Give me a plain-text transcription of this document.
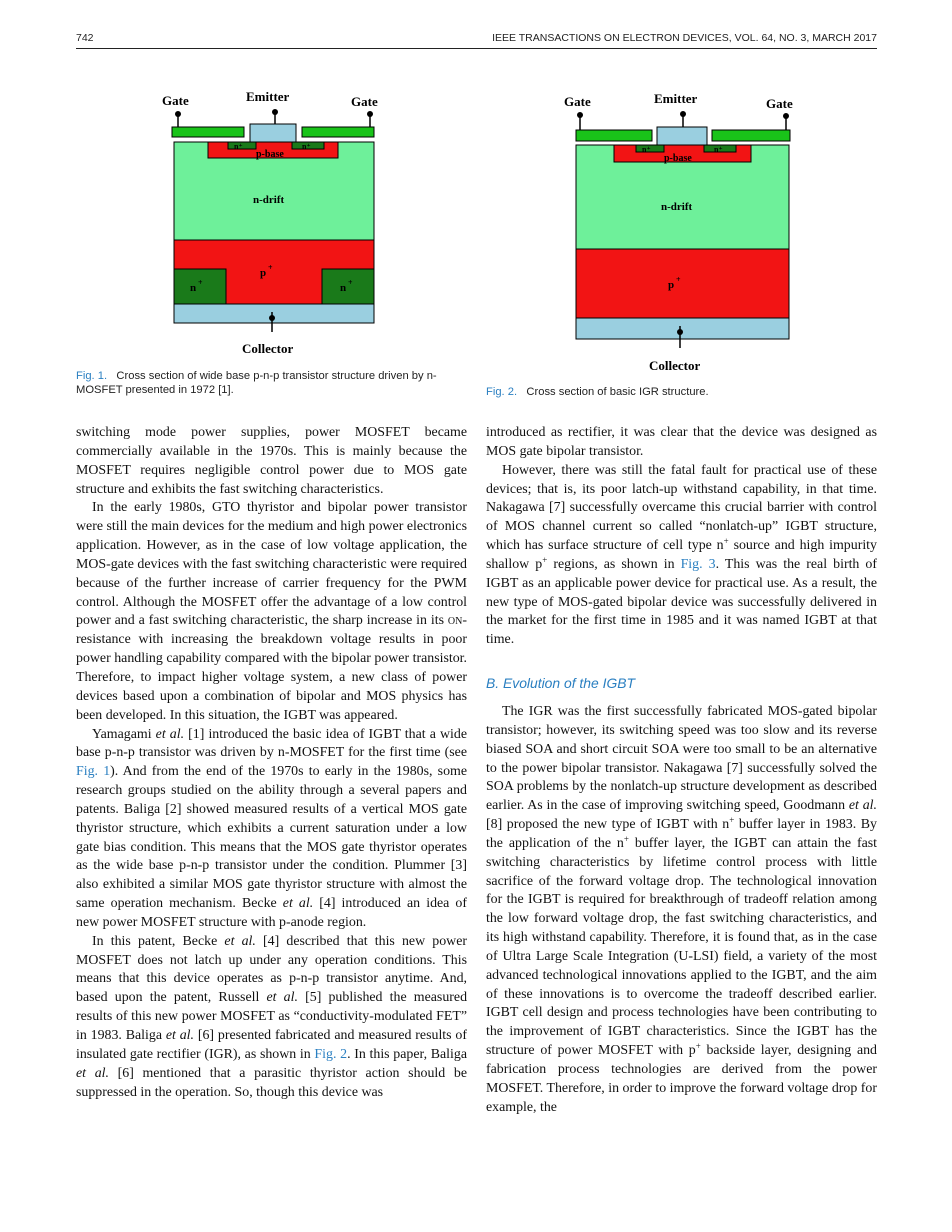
742	IEEE TRANSACTIONS ON ELECTRON DEVICES, VOL. 64, NO. 3, MARCH 2017
Gate	Emitter	Gate
n⁺	n⁺
p-base
n-drift
p +
n +	n +
Collector
Fig. 1. Cross section of wide base p-n-p transistor structure driven by n-MOSFET presented in 1972 [1].
Gate	Emitter	Gate
n⁺	n⁺
p-base
n-drift
p +
Collector
Fig. 2. Cross section of basic IGR structure.

switching mode power supplies, power MOSFET became commercially available in the 1970s. This is mainly because the MOSFET requires negligible control power due to MOS gate structure and exhibits the fast switching characteristics.

In the early 1980s, GTO thyristor and bipolar power transistor were still the main devices for the medium and high power electronics application. However, as in the case of low voltage application, the MOS-gate devices with the fast switching characteristic were required because of the further increase of carrier frequency for the PWM control. Although the MOSFET offer the advantage of a low control power and a fast switching characteristic, the sharp increase in its on-resistance with increasing the breakdown voltage results in poor power handling capability compared with the bipolar power transistor. Therefore, to impact higher voltage system, a new class of power devices based upon a combination of bipolar and MOS physics has been developed. In this situation, the IGBT was appeared.

Yamagami et al. [1] introduced the basic idea of IGBT that a wide base p-n-p transistor was driven by n-MOSFET for the first time (see Fig. 1). And from the end of the 1970s to early in the 1980s, some research groups studied on the ability through a several papers and patents. Baliga [2] showed measured results of a vertical MOS gate thyristor structure, which exhibits a current saturation under a low gate bias condition. This means that the MOS gate thyristor operates as the wide base p-n-p transistor under the condition. Plummer [3] also exhibited a similar MOS gate thyristor structure with almost the same operation mechanism. Becke et al. [4] introduced an idea of new power MOSFET structure with p-anode region.

In this patent, Becke et al. [4] described that this new power MOSFET does not latch up under any operation conditions. This means that this device operates as p-n-p transistor anytime. And, based upon the patent, Russell et al. [5] published the measured results of this new power MOSFET as “conductivity-modulated FET” in 1983. Baliga et al. [6] presented fabricated and measured results of insulated gate rectifier (IGR), as shown in Fig. 2. In this paper, Baliga et al. [6] mentioned that a parasitic thyristor action should be suppressed in the operation. So, though this device was

introduced as rectifier, it was clear that the device was designed as MOS gate bipolar transistor.

However, there was still the fatal fault for practical use of these devices; that is, its poor latch-up withstand capability, in that time. Nakagawa [7] successfully overcame this crucial barrier with control of MOS channel current so called “nonlatch-up” IGBT structure, which has surface structure of cell type n+ source and high impurity shallow p+ regions, as shown in Fig. 3. This was the real birth of IGBT as an applicable power device for practical use. As a result, the new type of MOS-gated bipolar device was successfully delivered in the market for the first time in 1985 and it was named IGBT at that time.

B. Evolution of the IGBT

The IGR was the first successfully fabricated MOS-gated bipolar transistor; however, its switching speed was too slow and its reverse biased SOA and short circuit SOA were too small to be an alternative to the power bipolar transistor. Nakagawa [7] successfully solved the SOA problems by the nonlatch-up structure development as described earlier. As in the case of improving switching speed, Goodmann et al. [8] proposed the new type of IGBT with n+ buffer layer in 1983. By the application of the n+ buffer layer, the IGBT can attain the fast switching characteristics by lifetime control process with little sacrifice of the forward voltage drop. The technological innovation for the IGBT is required for breakthrough of tradeoff relation among the low forward voltage drop, the fast switching characteristics, and its high withstand capability. Therefore, it is found that, as in the case of Ultra Large Scale Integration (U-LSI) field, a variety of the most advanced technological innovations applied to the IGBT, and the aim of these innovations is to overcome the tradeoff described earlier. IGBT cell design and process technologies have been contributing to the improvement of IGBT characteristics. Since the IGBT has the structure of power MOSFET with p+ backside layer, designing and fabrication process technologies are derived from the power MOSFET. Therefore, in order to improve the forward voltage drop for example, the
